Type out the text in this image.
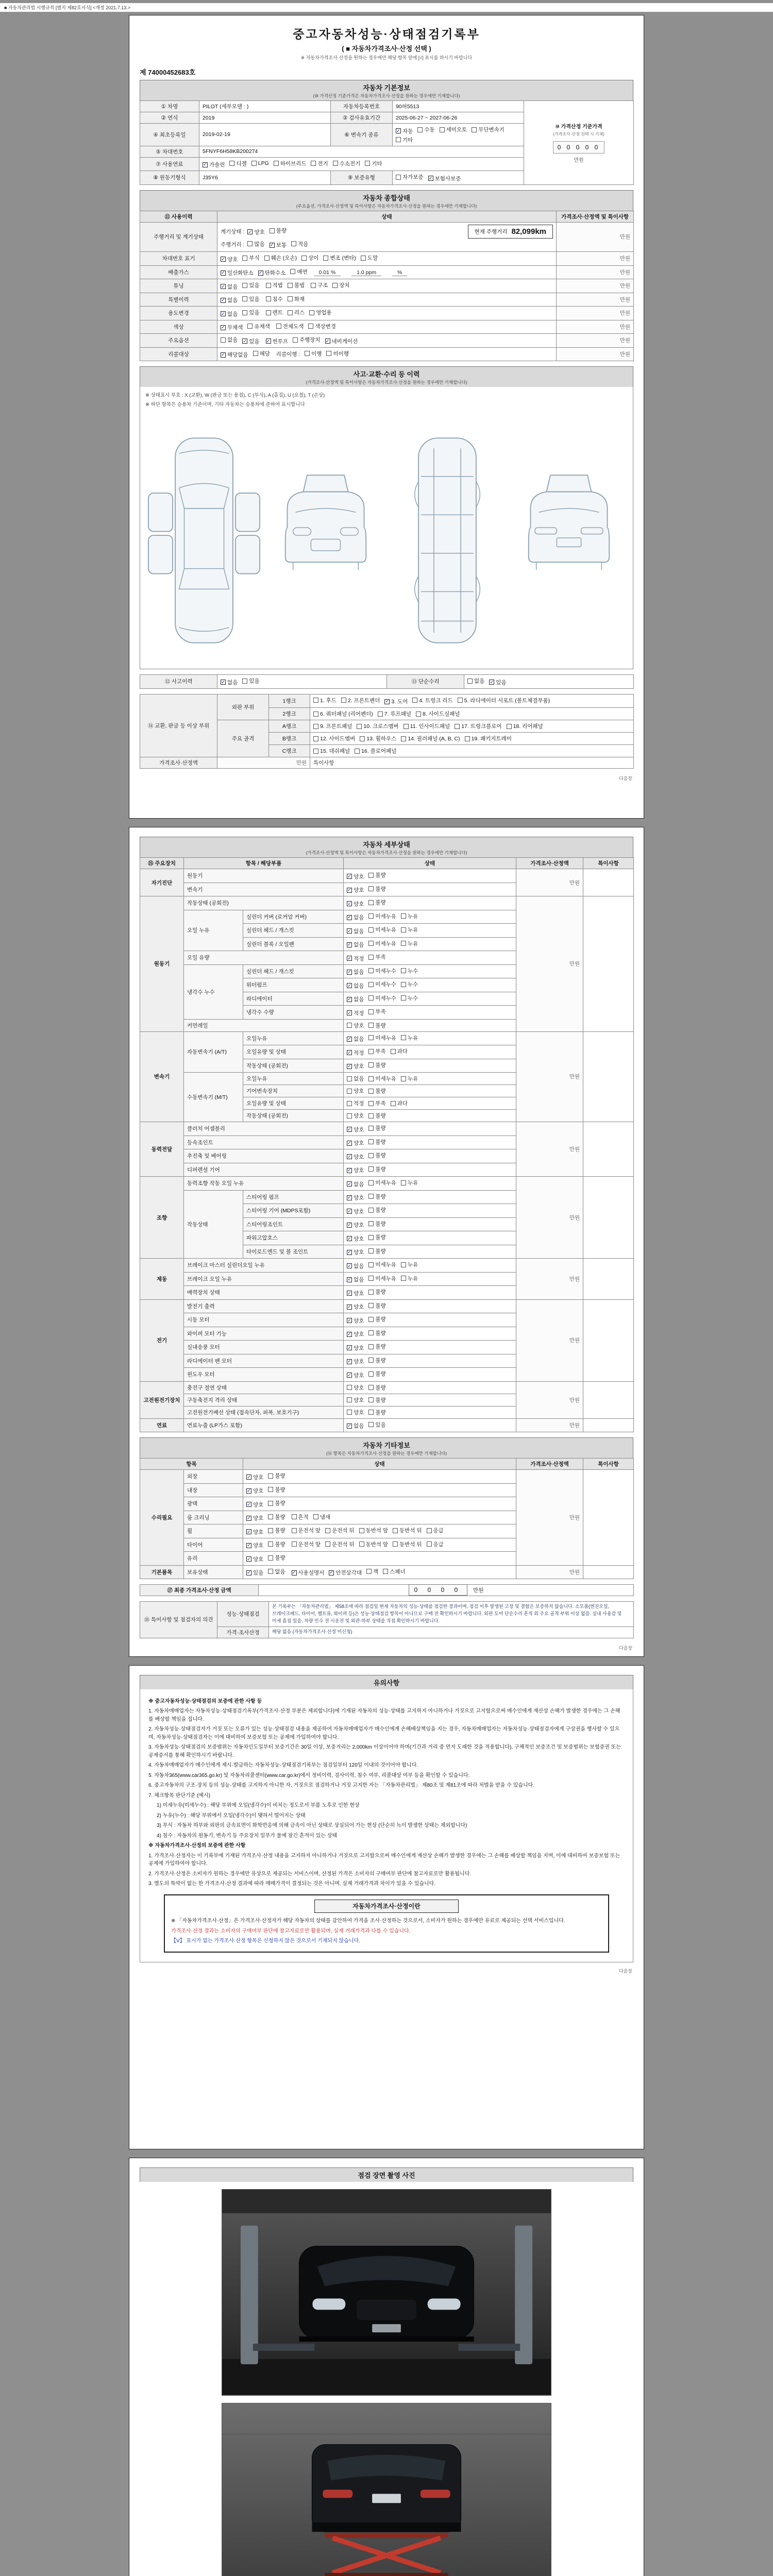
■ 자동차관리법 시행규칙 [별지 제82호서식] <개정 2021.7.13.>
중고자동차성능·상태점검기록부
( ■ 자동차가격조사·산정 선택 )
※ 자동차가격조사·산정을 원하는 경우에만 해당 항목 앞에 [√] 표시를 하시기 바랍니다
제 74000452683호
자동차 기본정보
(⑩ 가격산정 기준가격은 자동차가격조사·산정을 원하는 경우에만 기재합니다)
① 차명	PILOT (세부모델 : )	자동차등록번호	90허5513	⑩ 가격산정 기준가격
(가격조사·산정 선택 시 기재)
0 0 0 0 0
만원

② 연식	2019	③ 검사유효기간	2025-06-27 ~ 2027-06-26	
④ 최초등록일	2019-02-19	⑥ 변속기 종류	
✓ 자동 수동 세미오토 무단변속기
기타

⑤ 차대번호	5FNYF6H58KB200274			
⑦ 사용연료	✓ 가솔린 디젤 LPG 하이브리드 전기 수소전기 기타

⑧ 원동기형식	J35Y6	⑨ 보증유형	자가보증 ✓ 보험사보증	
자동차 종합상태
(주요옵션, 가격조사·산정액 및 특이사항은 자동차가격조사·산정을 원하는 경우에만 기재합니다)
⑪ 사용이력	상태	가격조사·산정액 및 특이사항
주행거리 및 계기상태	
계기상태 : ✓ 양호 불량	현재 주행거리 82,099km
주행거리 : 많음 ✓ 보통 적음
	만원
차대번호 표기	✓ 양호 부식 훼손 (오손) 상이 변조 (변타) 도말	만원
배출가스	✓ 일산화탄소 ✓ 탄화수소 매연 0.01 %	1.0 ppm	%	만원
튜닝	✓ 없음 있음
적법 불법
구조 장치	만원
특별이력	✓ 없음 있음
침수 화재	만원
용도변경	✓ 없음 있음
렌트 리스 영업용	만원
색상	✓ 무채색 유채색
전체도색 색상변경	만원
주요옵션	없음 ✓ 있음
✓ 썬루프 주행장치 ✓ 네비게이션	만원
리콜대상	✓ 해당없음 해당 리콜이행 : 이행 미이행	만원
사고·교환·수리 등 이력
(가격조사·산정액 및 특이사항은 자동차가격조사·산정을 원하는 경우에만 기재합니다)
※ 상태표시 부호 : X (교환), W (판금 또는 용접), C (부식), A (흠집), U (요철), T (손상)
※ 하단 항목은 승용차 기준이며, 기타 자동차는 승용차에 준하여 표시합니다
⑫ 사고이력	✓ 없음 있음	⑬ 단순수리	없음 ✓ 있음
⑭ 교환, 판금 등 이상 부위	외판 부위	1랭크	1. 후드 2. 프론트펜더 ✓ 3. 도어 4. 트렁크 리드 5. 라디에이터 서포트 (볼트체결부품)

		2랭크	6. 쿼터패널 (리어펜더) 7. 루프패널 8. 사이드실패널

	주요 골격	A랭크	9. 프론트패널 10. 크로스멤버 11. 인사이드패널 17. 트렁크플로어 18. 리어패널

		B랭크	12. 사이드멤버 13. 휠하우스 14. 필러패널 (A, B, C) 19. 패키지트레이

		C랭크	15. 대쉬패널 16. 플로어패널

가격조사·산정액	만원		특이사항
다음장
자동차 세부상태
(가격조사·산정액 및 특이사항은 자동차가격조사·산정을 원하는 경우에만 기재합니다)
⑮ 주요장치	항목 / 해당부품		상태	가격조사·산정액	특이사항
자기진단	원동기		✓ 양호 불량	만원	
	변속기		✓ 양호 불량		

원동기	작동상태 (공회전)		✓ 양호 불량	만원	
	오일 누유	실린더 커버 (로커암 커버)	✓ 없음 미세누유 누유		

		실린더 헤드 / 개스킷	✓ 없음 미세누유 누유		

		실린더 블록 / 오일팬	✓ 없음 미세누유 누유		

	오일 유량		✓ 적정 부족		

	냉각수 누수	실린더 헤드 / 개스킷	✓ 없음 미세누수 누수		

		워터펌프	✓ 없음 미세누수 누수		

		라디에이터	✓ 없음 미세누수 누수		

		냉각수 수량	✓ 적정 부족		

	커먼레일		양호 불량		

변속기	자동변속기 (A/T)	오일누유	✓ 없음 미세누유 누유	만원	
		오일유량 및 상태	✓ 적정 부족 과다		

		작동상태 (공회전)	✓ 양호 불량		

	수동변속기 (M/T)	오일누유	없음 미세누유 누유		

		기어변속장치	양호 불량		

		오일유량 및 상태	적정 부족 과다		

		작동상태 (공회전)	양호 불량		

동력전달	클러치 어셈블리		✓ 양호 불량	만원	
	등속조인트		✓ 양호 불량		

	추진축 및 베어링		✓ 양호 불량		

	디퍼렌셜 기어		✓ 양호 불량		

조향	동력조향 작동 오일 누유		✓ 없음 미세누유 누유	만원	
	작동상태	스티어링 펌프	✓ 양호 불량		

		스티어링 기어 (MDPS포함)	✓ 양호 불량		

		스티어링조인트	✓ 양호 불량		

		파워고압호스	✓ 양호 불량		

		타이로드엔드 및 볼 조인트	✓ 양호 불량		

제동	브레이크 마스터 실린더오일 누유		✓ 없음 미세누유 누유	만원	
	브레이크 오일 누유		✓ 없음 미세누유 누유		

	배력장치 상태		✓ 양호 불량		

전기	발전기 출력		✓ 양호 불량	만원	
	시동 모터		✓ 양호 불량		

	와이퍼 모터 기능		✓ 양호 불량		

	실내송풍 모터		✓ 양호 불량		

	라디에이터 팬 모터		✓ 양호 불량		

	윈도우 모터		✓ 양호 불량		

고전원전기장치	충전구 절연 상태		양호 불량	만원	
	구동축전지 격리 상태		양호 불량		

	고전원전기배선 상태 (접속단자, 피복, 보호기구)		양호 불량		

연료	연료누출 (LP가스 포함)		✓ 없음 있음	만원	
자동차 기타정보
(⑯ 항목은 자동차가격조사·산정을 원하는 경우에만 기재합니다)
항목		상태	가격조사·산정액	특이사항
수리필요	외장	✓ 양호 불량	만원	
	내장	✓ 양호 불량		

	광택	✓ 양호 불량		

	룸 크리닝	✓ 양호 불량
흔적 냄새		

휠	✓ 양호 불량
운전석 앞 운전석 뒤 동반석 앞 동반석 뒤 응급

타이어	✓ 양호 불량
운전석 앞 운전석 뒤 동반석 앞 동반석 뒤 응급

	유리	✓ 양호 불량		

기본품목	보유상태	✓ 있음 없음
✓ 사용설명서 ✓ 안전삼각대 잭 스패너	만원	
⑰ 최종 가격조사·산정 금액	0 0 0 0 만원
⑱ 특이사항 및 점검자의 의견	성능·상태점검	본 기록부는 「자동차관리법」 제58조에 따라 점검일 현재 자동차의 성능·상태를 점검한 결과이며, 점검 이후 발생된 고장 및 결함은 보증하지 않습니다. 소모품(엔진오일, 브레이크패드, 타이어, 벨트류, 와이퍼 등)은 성능·상태점검 항목이 아니므로 구매 전 확인하시기 바랍니다. 외판 도어 단순수리 흔적 외 주요 골격 부위 이상 없음. 실내 사용감 및 미세 흠집 있음. 차량 인수 전 시운전 및 외관·하부 상태를 직접 확인하시기 바랍니다.
	가격·조사산정	해당 없음 (자동차가격조사·산정 미신청)
다음장
유의사항

※ 중고자동차성능·상태점검의 보증에 관한 사항 등

1. 자동차매매업자는 자동차성능·상태점검기록부(가격조사·산정 부분은 제외합니다)에 기재된 자동차의 성능·상태를 고지하지 아니하거나 거짓으로 고지함으로써 매수인에게 재산상 손해가 발생한 경우에는 그 손해를 배상할 책임을 집니다.

2. 자동차성능·상태점검자가 거짓 또는 오류가 있는 성능·상태점검 내용을 제공하여 자동차매매업자가 매수인에게 손해배상책임을 지는 경우, 자동차매매업자는 자동차성능·상태점검자에게 구상권을 행사할 수 있으며, 자동차성능·상태점검자는 이에 대비하여 보증보험 또는 공제에 가입하여야 합니다.

3. 자동차성능·상태점검의 보증범위는 자동차인도일부터 보증기간은 30일 이상, 보증거리는 2,000km 이상이어야 하며(기간과 거리 중 먼저 도래한 것을 적용합니다), 구체적인 보증조건 및 보증범위는 보험증권 또는 공제증서를 통해 확인하시기 바랍니다.

4. 자동차매매업자가 매수인에게 제시·발급하는 자동차성능·상태점검기록부는 점검일부터 120일 이내의 것이어야 합니다.

5. 자동차365(www.car365.go.kr) 및 자동차리콜센터(www.car.go.kr)에서 정비이력, 검사이력, 침수 여부, 리콜대상 여부 등을 확인할 수 있습니다.

6. 중고자동차의 구조·장치 등의 성능·상태를 고지하지 아니한 자, 거짓으로 점검하거나 거짓 고지한 자는 「자동차관리법」 제80조 및 제81조에 따라 처벌을 받을 수 있습니다.

7. 체크항목 판단기준 (예시)

1) 미세누유(미세누수) : 해당 부위에 오일(냉각수)이 비치는 정도로서 부품 노후로 인한 현상

2) 누유(누수) : 해당 부위에서 오일(냉각수)이 맺혀서 떨어지는 상태

3) 부식 : 자동차 하부와 외판의 금속표면이 화학반응에 의해 금속이 아닌 상태로 상실되어 가는 현상 (단순히 녹이 발생한 상태는 제외합니다)

4) 침수 : 자동차의 원동기, 변속기 등 주요장치 일부가 물에 잠긴 흔적이 있는 상태

※ 자동차가격조사·산정의 보증에 관한 사항

1. 가격조사·산정자는 이 기록부에 기재된 가격조사·산정 내용을 고지하지 아니하거나 거짓으로 고지함으로써 매수인에게 재산상 손해가 발생한 경우에는 그 손해를 배상할 책임을 지며, 이에 대비하여 보증보험 또는 공제에 가입하여야 합니다.

2. 가격조사·산정은 소비자가 원하는 경우에만 유상으로 제공되는 서비스이며, 산정된 가격은 소비자의 구매여부 판단에 참고자료로만 활용됩니다.

3. 별도의 특약이 없는 한 가격조사·산정 결과에 따라 매매가격이 결정되는 것은 아니며, 실제 거래가격과 차이가 있을 수 있습니다.

자동차가격조사·산정이란

※ 「자동차가격조사·산정」은 가격조사·산정자가 해당 자동차의 상태를 감안하여 가격을 조사·산정하는 것으로서, 소비자가 원하는 경우에만 유료로 제공되는 선택 서비스입니다.

가격조사·산정 결과는 소비자의 구매여부 판단에 참고자료로만 활용되며, 실제 거래가격과 다를 수 있습니다.

【V】 표시가 없는 가격조사·산정 항목은 신청하지 않은 것으로서 기재되지 않습니다.

다음장
점검 장면 촬영 사진
